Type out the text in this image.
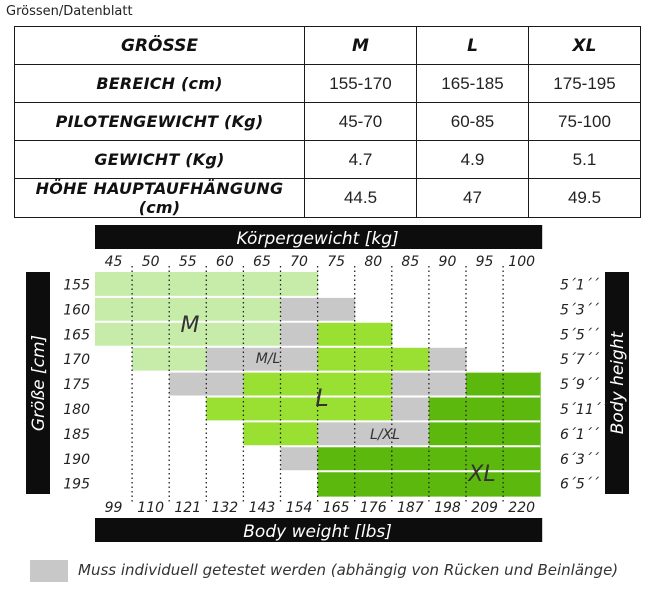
Grössen/Datenblatt
GRÖSSE	M	L	XL
BEREICH (cm)	155-170	165-185	175-195
PILOTENGEWICHT (Kg)	45-70	60-85	75-100
GEWICHT (Kg)	4.7	4.9	5.1
HÖHE HAUPTAUFHÄNGUNG (cm)	44.5	47	49.5
Körpergewicht [kg]
Body weight [lbs]
Größe [cm]	Body height
45 50 55 60 65 70 75 80 85 90 95 100
99 110 121 132 143 154 165 176 187 198 209 220
155
160
165
170
175
180
185
190
195
5´1´´
5´3´´
5´5´´
5´7´´
5´9´´
5´11´´
6´1´´
6´3´´
6´5´´
M
M/L
L
L/XL
XL
Muss individuell getestet werden (abhängig von Rücken und Beinlänge)
